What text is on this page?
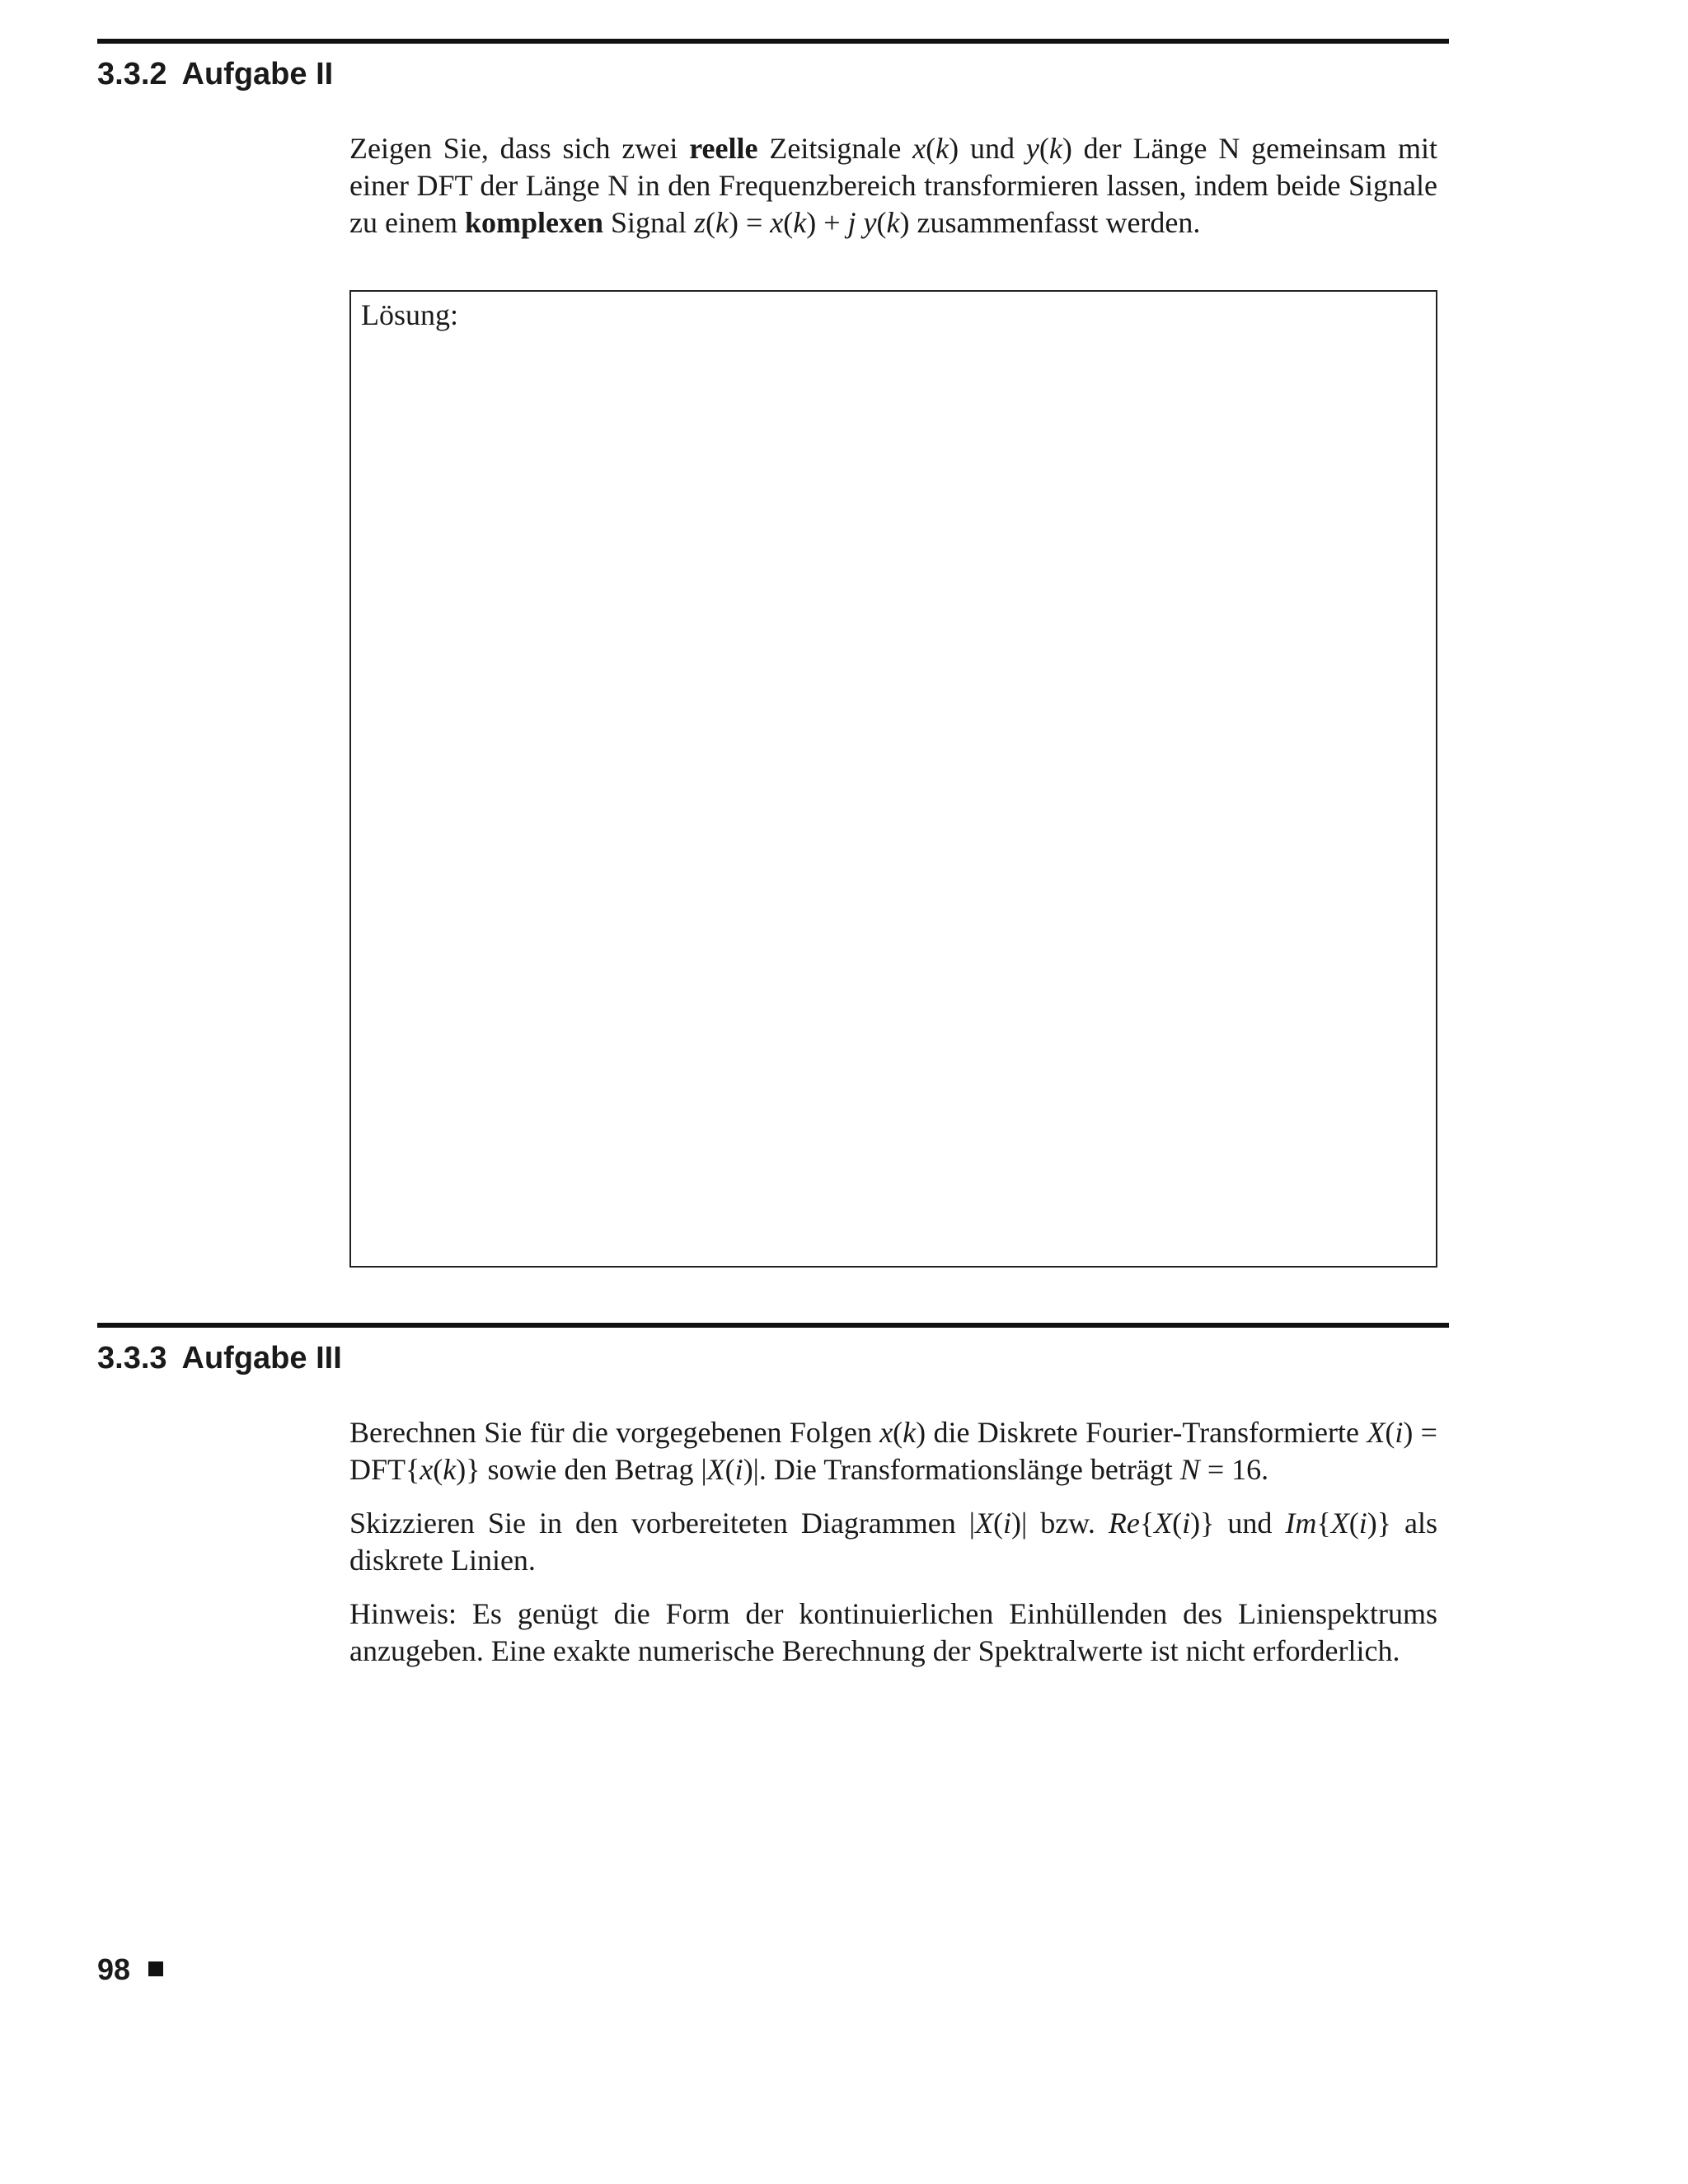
3.3.2 Aufgabe II

Zeigen Sie, dass sich zwei reelle Zeitsignale x(k) und y(k) der Länge N gemeinsam mit einer DFT der Länge N in den Frequenzbereich transformieren lassen, indem beide Signale zu einem komplexen Signal z(k) = x(k) + j y(k) zusammenfasst werden.

Lösung:
3.3.3 Aufgabe III

Berechnen Sie für die vorgegebenen Folgen x(k) die Diskrete Fourier-Transformierte X(i) = DFT{x(k)} sowie den Betrag |X(i)|. Die Transformationslänge beträgt N = 16.

Skizzieren Sie in den vorbereiteten Diagrammen |X(i)| bzw. Re{X(i)} und Im{X(i)} als diskrete Linien.

Hinweis: Es genügt die Form der kontinuierlichen Einhüllenden des Linienspektrums anzugeben. Eine exakte numerische Berechnung der Spektralwerte ist nicht erforderlich.

98
